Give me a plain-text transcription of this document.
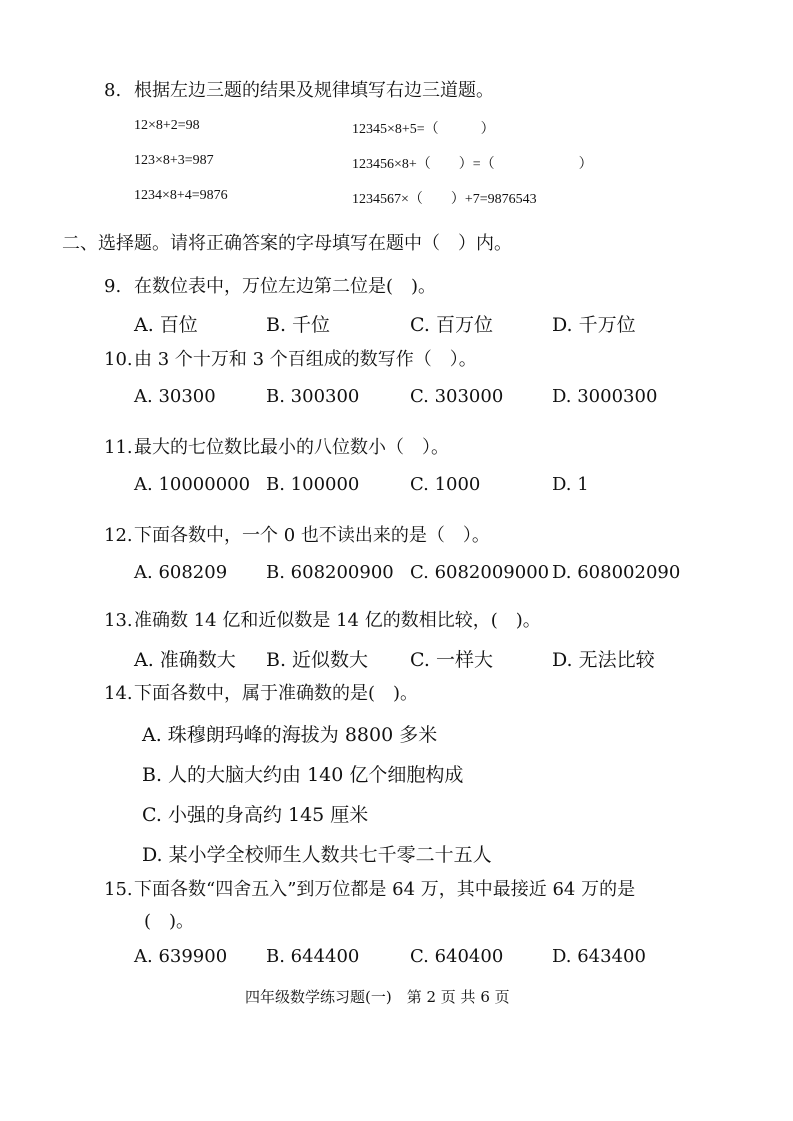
8. 根据左边三题的结果及规律填写右边三道题。
12×8+2=98
123×8+3=987
1234×8+4=9876
12345×8+5=（　　　）
123456×8+（　　）=（　　　　　　）
1234567×（　　）+7=9876543
二、选择题。请将正确答案的字母填写在题中（　）内。
9. 在数位表中，万位左边第二位是(　)。
A. 百位	B. 千位	C. 百万位	D. 千万位
10.由 3 个十万和 3 个百组成的数写作（　）。
A. 30300	B. 300300	C. 303000	D. 3000300
11.最大的七位数比最小的八位数小（　）。
A. 10000000 B. 100000	C. 1000	D. 1
12.下面各数中，一个 0 也不读出来的是（　）。
A. 608209 B. 608200900 C. 6082009000 D. 608002090
13.准确数 14 亿和近似数是 14 亿的数相比较，(　)。
A. 准确数大 B. 近似数大 C. 一样大	D. 无法比较
14.下面各数中，属于准确数的是(　)。
A. 珠穆朗玛峰的海拔为 8800 多米
B. 人的大脑大约由 140 亿个细胞构成
C. 小强的身高约 145 厘米
D. 某小学全校师生人数共七千零二十五人
15.下面各数“四舍五入”到万位都是 64 万，其中最接近 64 万的是
(　)。
A. 639900 B. 644400	C. 640400	D. 643400
四年级数学练习题(一)　第 2 页 共 6 页
